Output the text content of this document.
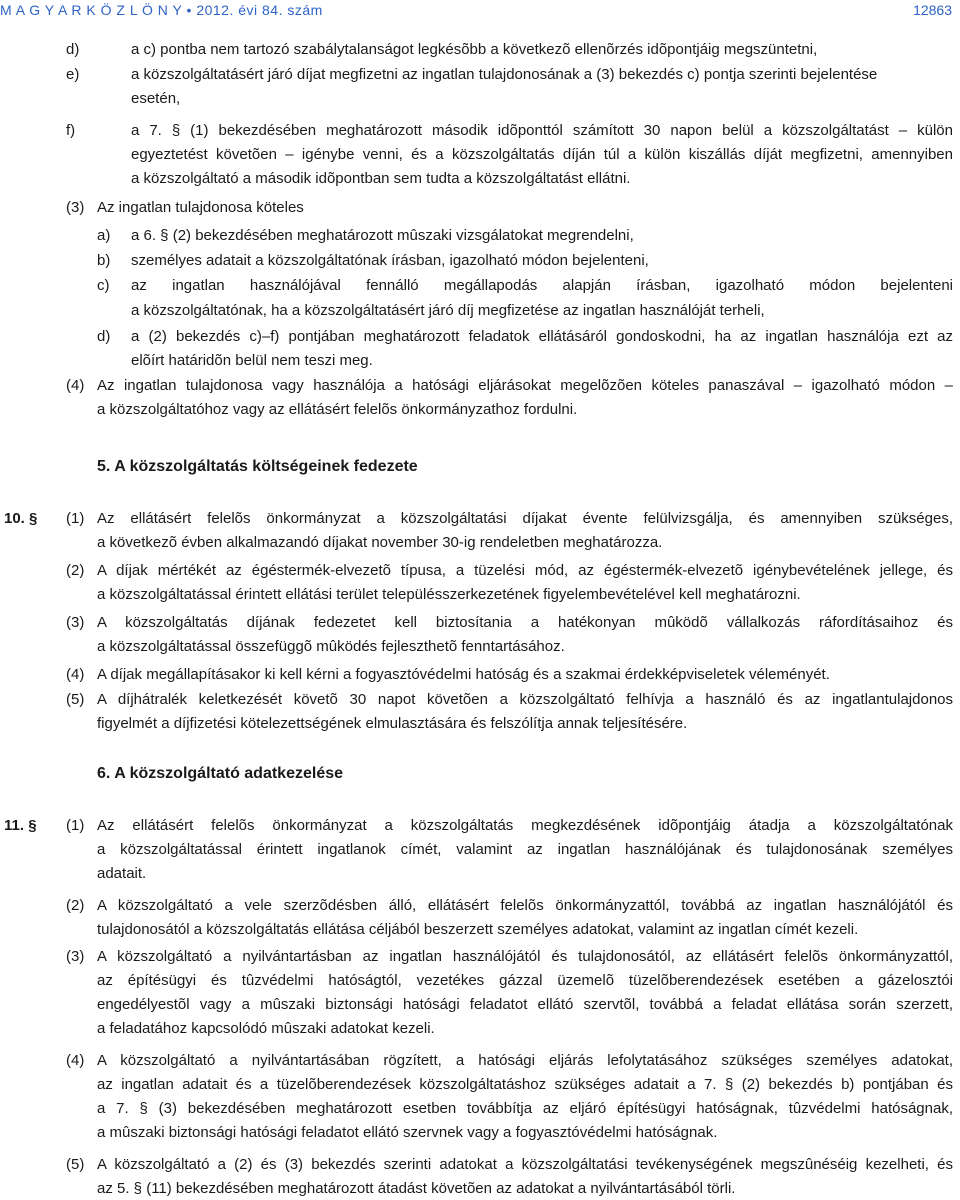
M A G Y A R K Ö Z L Ö N Y • 2012. évi 84. szám	12863
d)	a c) pontba nem tartozó szabálytalanságot legkésõbb a következõ ellenõrzés idõpontjáig megszüntetni,
e)	a közszolgáltatásért járó díjat megfizetni az ingatlan tulajdonosának a (3) bekezdés c) pontja szerinti bejelentése
esetén,
f)	a 7. § (1) bekezdésében meghatározott második idõponttól számított 30 napon belül a közszolgáltatást – külön
egyeztetést követõen – igénybe venni, és a közszolgáltatás díján túl a külön kiszállás díját megfizetni, amennyiben
a közszolgáltató a második idõpontban sem tudta a közszolgáltatást ellátni.
(3) Az ingatlan tulajdonosa köteles
a) a 6. § (2) bekezdésében meghatározott mûszaki vizsgálatokat megrendelni,
b) személyes adatait a közszolgáltatónak írásban, igazolható módon bejelenteni,
c) az ingatlan használójával fennálló megállapodás alapján írásban, igazolható módon bejelenteni
a közszolgáltatónak, ha a közszolgáltatásért járó díj megfizetése az ingatlan használóját terheli,
d) a (2) bekezdés c)–f) pontjában meghatározott feladatok ellátásáról gondoskodni, ha az ingatlan használója ezt az
elõírt határidõn belül nem teszi meg.
(4) Az ingatlan tulajdonosa vagy használója a hatósági eljárásokat megelõzõen köteles panaszával – igazolható módon –
a közszolgáltatóhoz vagy az ellátásért felelõs önkormányzathoz fordulni.
(1) Az ellátásért felelõs önkormányzat a közszolgáltatási díjakat évente felülvizsgálja, és amennyiben szükséges,
a következõ évben alkalmazandó díjakat november 30-ig rendeletben meghatározza.
(2) A díjak mértékét az égéstermék-elvezetõ típusa, a tüzelési mód, az égéstermék-elvezetõ igénybevételének jellege, és
a közszolgáltatással érintett ellátási terület településszerkezetének figyelembevételével kell meghatározni.
(3) A közszolgáltatás díjának fedezetet kell biztosítania a hatékonyan mûködõ vállalkozás ráfordításaihoz és
a közszolgáltatással összefüggõ mûködés fejleszthetõ fenntartásához.
(4) A díjak megállapításakor ki kell kérni a fogyasztóvédelmi hatóság és a szakmai érdekképviseletek véleményét.
(5) A díjhátralék keletkezését követõ 30 napot követõen a közszolgáltató felhívja a használó és az ingatlantulajdonos
figyelmét a díjfizetési kötelezettségének elmulasztására és felszólítja annak teljesítésére.
(1) Az ellátásért felelõs önkormányzat a közszolgáltatás megkezdésének idõpontjáig átadja a közszolgáltatónak
a közszolgáltatással érintett ingatlanok címét, valamint az ingatlan használójának és tulajdonosának személyes
adatait.
(2) A közszolgáltató a vele szerzõdésben álló, ellátásért felelõs önkormányzattól, továbbá az ingatlan használójától és
tulajdonosától a közszolgáltatás ellátása céljából beszerzett személyes adatokat, valamint az ingatlan címét kezeli.
(3) A közszolgáltató a nyilvántartásban az ingatlan használójától és tulajdonosától, az ellátásért felelõs önkormányzattól,
az építésügyi és tûzvédelmi hatóságtól, vezetékes gázzal üzemelõ tüzelõberendezések esetében a gázelosztói
engedélyestõl vagy a mûszaki biztonsági hatósági feladatot ellátó szervtõl, továbbá a feladat ellátása során szerzett,
a feladatához kapcsolódó mûszaki adatokat kezeli.
(4) A közszolgáltató a nyilvántartásában rögzített, a hatósági eljárás lefolytatásához szükséges személyes adatokat,
az ingatlan adatait és a tüzelõberendezések közszolgáltatáshoz szükséges adatait a 7. § (2) bekezdés b) pontjában és
a 7. § (3) bekezdésében meghatározott esetben továbbítja az eljáró építésügyi hatóságnak, tûzvédelmi hatóságnak,
a mûszaki biztonsági hatósági feladatot ellátó szervnek vagy a fogyasztóvédelmi hatóságnak.
(5) A közszolgáltató a (2) és (3) bekezdés szerinti adatokat a közszolgáltatási tevékenységének megszûnéséig kezelheti, és
az 5. § (11) bekezdésében meghatározott átadást követõen az adatokat a nyilvántartásából törli.
5. A közszolgáltatás költségeinek fedezete
6. A közszolgáltató adatkezelése
10. §
11. §
